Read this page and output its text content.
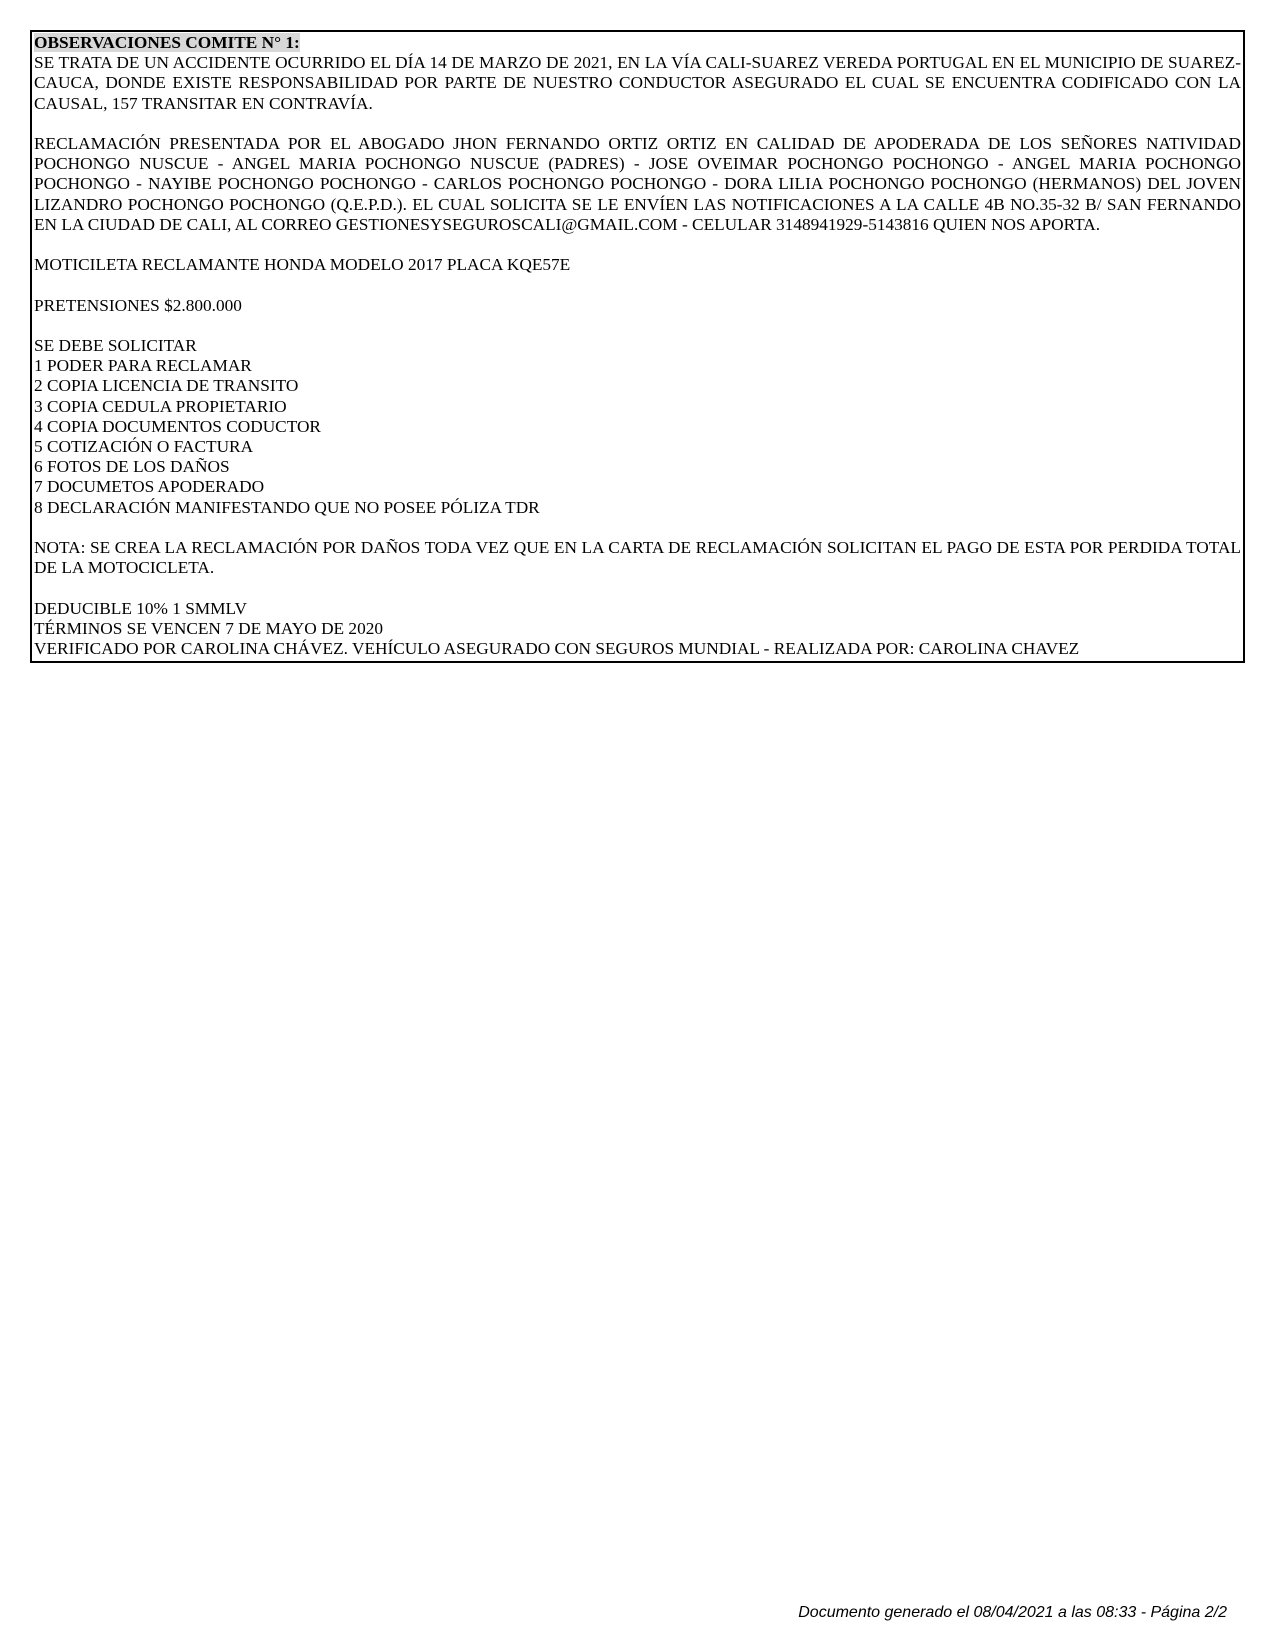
OBSERVACIONES COMITE N° 1:

SE TRATA DE UN ACCIDENTE OCURRIDO EL DÍA 14 DE MARZO DE 2021, EN LA VÍA CALI-SUAREZ VEREDA PORTUGAL EN EL MUNICIPIO DE SUAREZ-CAUCA, DONDE EXISTE RESPONSABILIDAD POR PARTE DE NUESTRO CONDUCTOR ASEGURADO EL CUAL SE ENCUENTRA CODIFICADO CON LA CAUSAL, 157 TRANSITAR EN CONTRAVÍA.

RECLAMACIÓN PRESENTADA POR EL ABOGADO JHON FERNANDO ORTIZ ORTIZ EN CALIDAD DE APODERADA DE LOS SEÑORES NATIVIDAD POCHONGO NUSCUE - ANGEL MARIA POCHONGO NUSCUE (PADRES) - JOSE OVEIMAR POCHONGO POCHONGO - ANGEL MARIA POCHONGO POCHONGO - NAYIBE POCHONGO POCHONGO - CARLOS POCHONGO POCHONGO - DORA LILIA POCHONGO POCHONGO (HERMANOS) DEL JOVEN LIZANDRO POCHONGO POCHONGO (Q.E.P.D.). EL CUAL SOLICITA SE LE ENVÍEN LAS NOTIFICACIONES A LA CALLE 4B NO.35-32 B/ SAN FERNANDO EN LA CIUDAD DE CALI, AL CORREO GESTIONESYSEGUROSCALI@GMAIL.COM - CELULAR 3148941929-5143816 QUIEN NOS APORTA.

MOTICILETA RECLAMANTE HONDA MODELO 2017 PLACA KQE57E

PRETENSIONES $2.800.000

SE DEBE SOLICITAR
1 PODER PARA RECLAMAR
2 COPIA LICENCIA DE TRANSITO
3 COPIA CEDULA PROPIETARIO
4 COPIA DOCUMENTOS CODUCTOR
5 COTIZACIÓN O FACTURA
6 FOTOS DE LOS DAÑOS
7 DOCUMETOS APODERADO
8 DECLARACIÓN MANIFESTANDO QUE NO POSEE PÓLIZA TDR

NOTA: SE CREA LA RECLAMACIÓN POR DAÑOS TODA VEZ QUE EN LA CARTA DE RECLAMACIÓN SOLICITAN EL PAGO DE ESTA POR PERDIDA TOTAL DE LA MOTOCICLETA.

DEDUCIBLE 10% 1 SMMLV
TÉRMINOS SE VENCEN 7 DE MAYO DE 2020
VERIFICADO POR CAROLINA CHÁVEZ. VEHÍCULO ASEGURADO CON SEGUROS MUNDIAL - REALIZADA POR: CAROLINA CHAVEZ

Documento generado el 08/04/2021 a las 08:33 - Página 2/2
